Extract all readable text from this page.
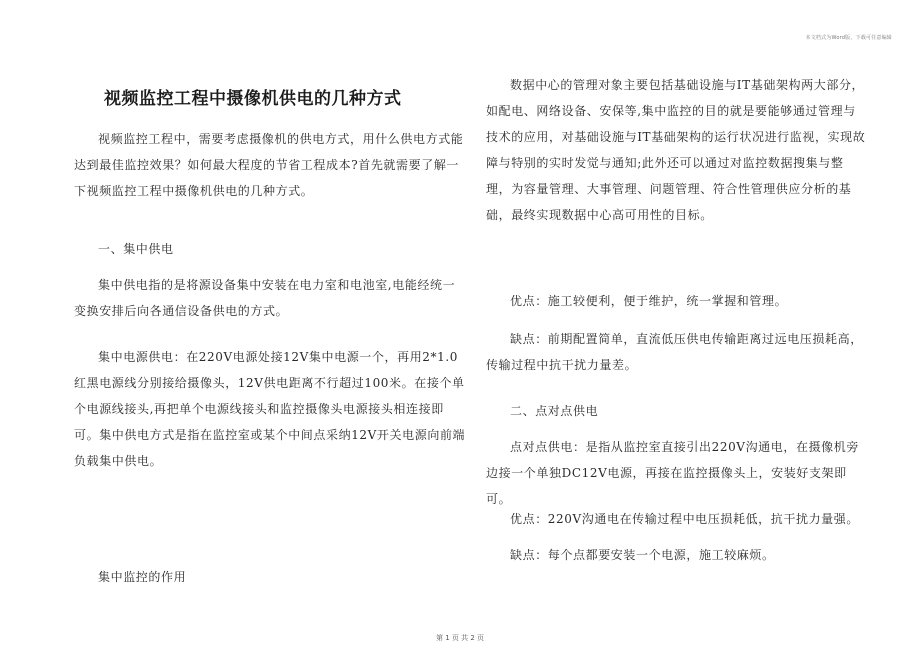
本文档式为Word版，下载可任意编辑
视频监控工程中摄像机供电的几种方式

视频监控工程中，需要考虑摄像机的供电方式，用什么供电方式能达到最佳监控效果？如何最大程度的节省工程成本?首先就需要了解一下视频监控工程中摄像机供电的几种方式。

一、集中供电

集中供电指的是将源设备集中安装在电力室和电池室,电能经统一变换安排后向各通信设备供电的方式。

集中电源供电：在220V电源处接12V集中电源一个，再用2*1.0红黑电源线分别接给摄像头，12V供电距离不行超过100米。在接个单个电源线接头,再把单个电源线接头和监控摄像头电源接头相连接即可。集中供电方式是指在监控室或某个中间点采纳12V开关电源向前端负载集中供电。

集中监控的作用

数据中心的管理对象主要包括基础设施与IT基础架构两大部分，如配电、网络设备、安保等,集中监控的目的就是要能够通过管理与技术的应用，对基础设施与IT基础架构的运行状况进行监视，实现故障与特别的实时发觉与通知;此外还可以通过对监控数据搜集与整理，为容量管理、大事管理、问题管理、符合性管理供应分析的基础，最终实现数据中心高可用性的目标。

优点：施工较便利，便于维护，统一掌握和管理。

缺点：前期配置简单，直流低压供电传输距离过远电压损耗高，传输过程中抗干扰力量差。

二、点对点供电

点对点供电：是指从监控室直接引出220V沟通电，在摄像机旁边接一个单独DC12V电源，再接在监控摄像头上，安装好支架即可。

优点：220V沟通电在传输过程中电压损耗低，抗干扰力量强。

缺点：每个点都要安装一个电源，施工较麻烦。

第 1 页 共 2 页
